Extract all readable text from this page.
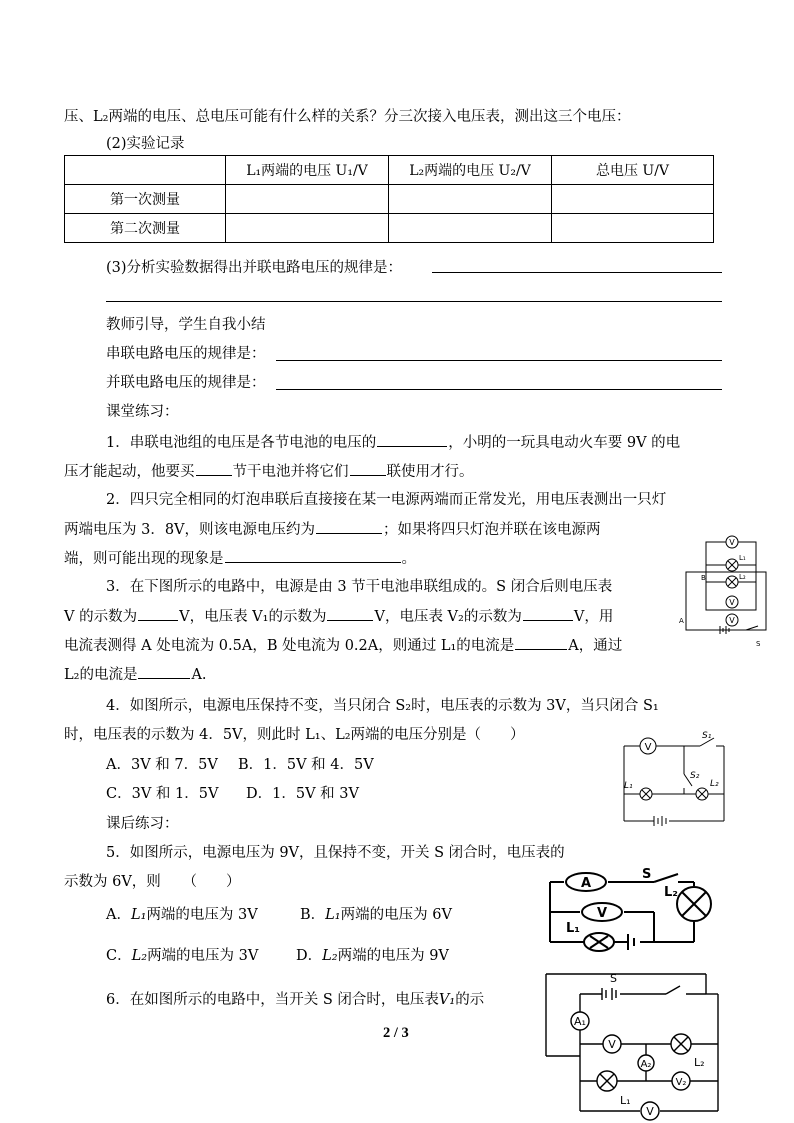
压、L₂两端的电压、总电压可能有什么样的关系？分三次接入电压表，测出这三个电压：
(2)实验记录
	L₁两端的电压 U₁/V	L₂两端的电压 U₂/V	总电压 U/V
第一次测量			
第二次测量			
(3)分析实验数据得出并联电路电压的规律是：
教师引导，学生自我小结
串联电路电压的规律是：
并联电路电压的规律是：
课堂练习：
1．串联电池组的电压是各节电池的电压的	，小明的一玩具电动火车要 9V 的电
压才能起动，他要买	节干电池并将它们	联使用才行。
2．四只完全相同的灯泡串联后直接接在某一电源两端而正常发光，用电压表测出一只灯
两端电压为 3．8V，则该电源电压约为	；如果将四只灯泡并联在该电源两
端，则可能出现的现象是	。
3．在下图所示的电路中，电源是由 3 节干电池串联组成的。S 闭合后则电压表
V 的示数为	V，电压表 V₁的示数为	V，电压表 V₂的示数为	V，用
电流表测得 A 处电流为 0.5A，B 处电流为 0.2A，则通过 L₁的电流是	A，通过
L₂的电流是	A.
4．如图所示，电源电压保持不变，当只闭合 S₂时，电压表的示数为 3V，当只闭合 S₁
时，电压表的示数为 4．5V，则此时 L₁、L₂两端的电压分别是（　　）
A．3V 和 7．5V B．1．5V 和 4．5V
C．3V 和 1．5V D．1．5V 和 3V
课后练习：
5．如图所示，电源电压为 9V，且保持不变，开关 S 闭合时，电压表的
示数为 6V，则　　（　　）
A．L₁两端的电压为 3V	B．L₁两端的电压为 6V
C．L₂两端的电压为 3V	D．L₂两端的电压为 9V
6．在如图所示的电路中，当开关 S 闭合时，电压表V₁的示
2 / 3
V
L₁
L₂
V
V
B
A
S
V
S₁
S₂
L₁	L₂
A
V
S
L₂
L₁
S
A₁
V
A₂	L₂
V₂
L₁
V
